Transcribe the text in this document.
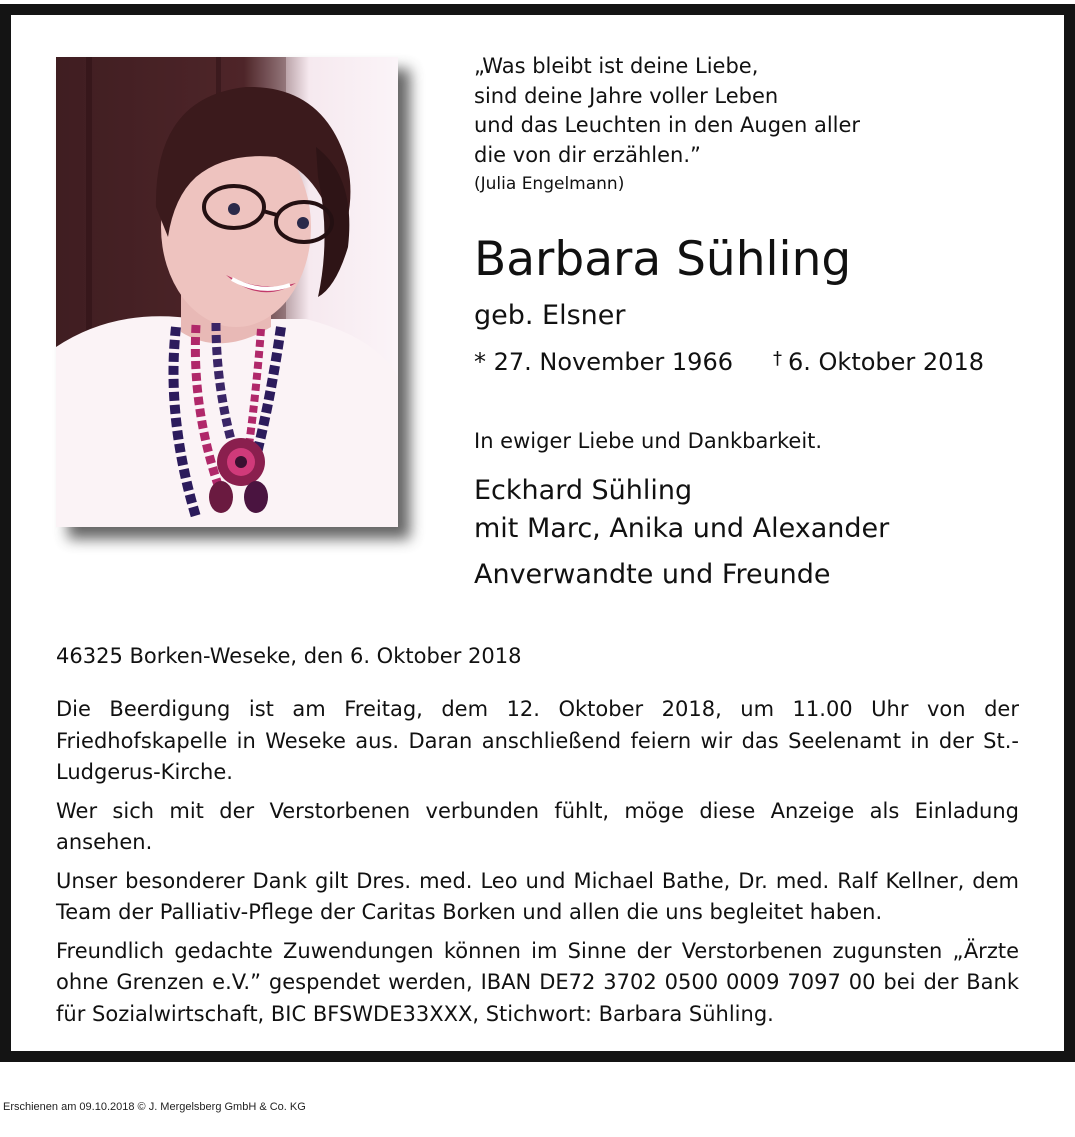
„Was bleibt ist deine Liebe,
sind deine Jahre voller Leben
und das Leuchten in den Augen aller
die von dir erzählen.”
(Julia Engelmann)
Barbara Sühling
geb. Elsner
* 27. November 1966 † 6. Oktober 2018
In ewiger Liebe und Dankbarkeit.
Eckhard Sühling
mit Marc, Anika und Alexander
Anverwandte und Freunde
46325 Borken-Weseke, den 6. Oktober 2018

Die Beerdigung ist am Freitag, dem 12. Oktober 2018, um 11.00 Uhr von der Friedhofskapelle in Weseke aus. Daran anschließend feiern wir das Seelenamt in der St.-Ludgerus-Kirche.

Wer sich mit der Verstorbenen verbunden fühlt, möge diese Anzeige als Einladung ansehen.

Unser besonderer Dank gilt Dres. med. Leo und Michael Bathe, Dr. med. Ralf Kellner, dem Team der Palliativ-Pflege der Caritas Borken und allen die uns begleitet haben.

Freundlich gedachte Zuwendungen können im Sinne der Verstorbenen zugunsten „Ärzte ohne Grenzen e.V.” gespendet werden, IBAN DE72 3702 0500 0009 7097 00 bei der Bank für Sozialwirtschaft, BIC BFSWDE33XXX, Stichwort: Barbara Sühling.

Erschienen am 09.10.2018 © J. Mergelsberg GmbH & Co. KG
